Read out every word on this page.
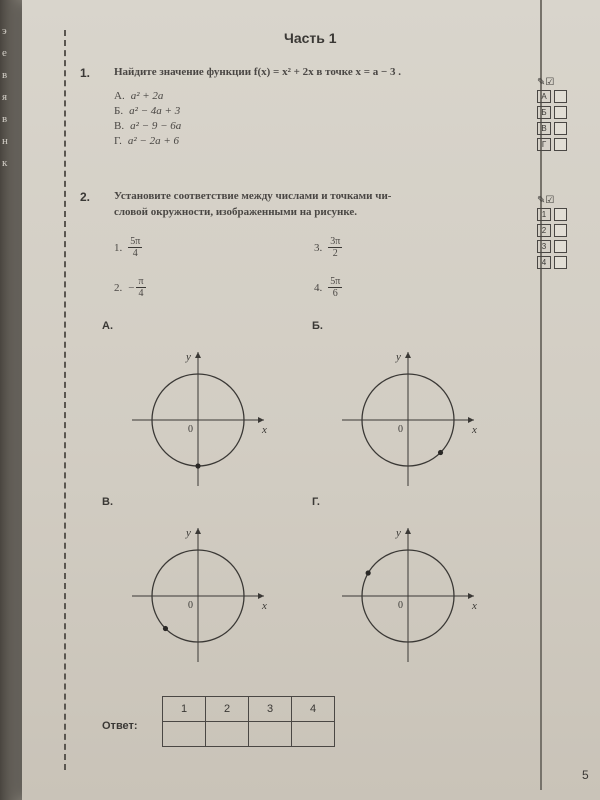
э
е
в
я
в
н
к
Часть 1
1. Найдите значение функции f(x) = x² + 2x в точке x = a − 3 .
А. a² + 2a
Б. a² − 4a + 3
В. a² − 9 − 6a
Г. a² − 2a + 6
✎☑
А
Б
В
Г
2. Установите соответствие между числами и точками чи-
словой окружности, изображенными на рисунке.
✎☑
1
2
3
4
1. $\frac{5\pi}{4}$
2. − $\frac{\pi}{4}$
3. $\frac{3\pi}{2}$
4. $\frac{5\pi}{6}$
А.
x
y
0
Б.
x
y
0
В.
x
y
0
Г.
x
y
0
Ответ:
1	2	3	4

5
